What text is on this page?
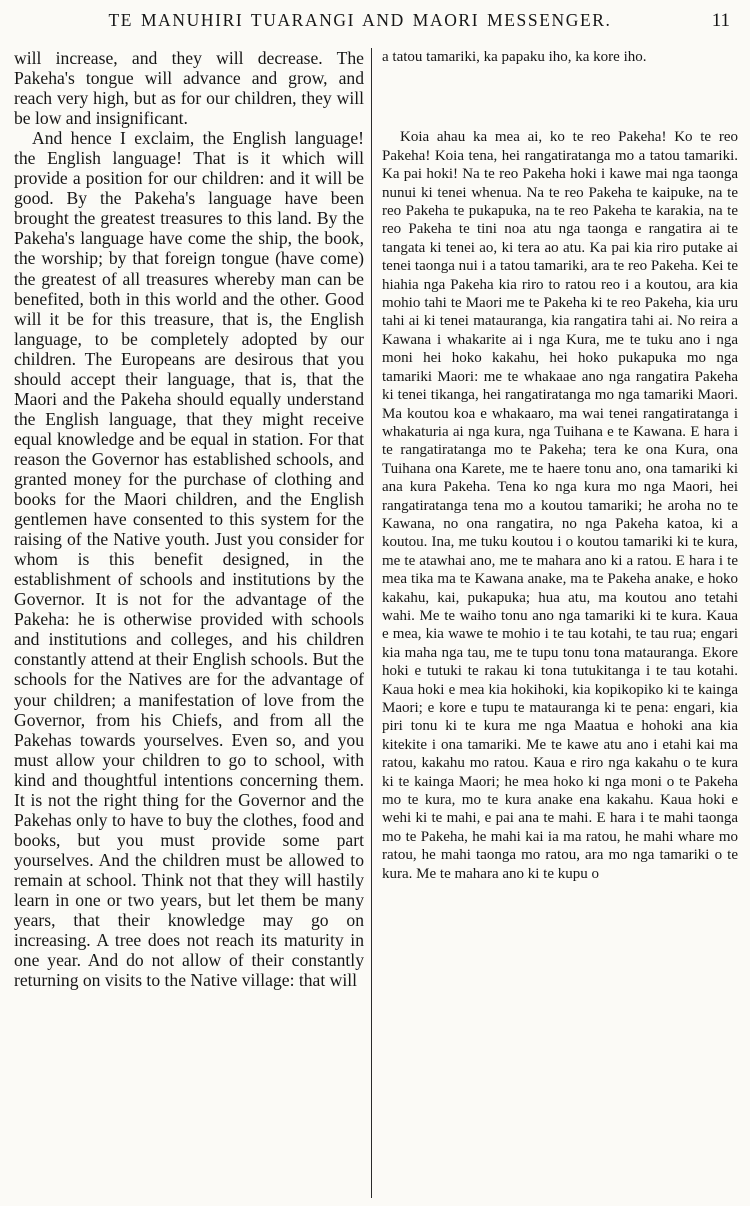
TE MANUHIRI TUARANGI AND MAORI MESSENGER.	11

will increase, and they will decrease. The Pakeha's tongue will advance and grow, and reach very high, but as for our children, they will be low and insignificant.

And hence I exclaim, the English language! the English language! That is it which will provide a position for our children: and it will be good. By the Pakeha's language have been brought the greatest treasures to this land. By the Pakeha's language have come the ship, the book, the worship; by that foreign tongue (have come) the greatest of all treasures whereby man can be benefited, both in this world and the other. Good will it be for this treasure, that is, the English language, to be completely adopted by our children. The Europeans are desirous that you should accept their language, that is, that the Maori and the Pakeha should equally understand the English language, that they might receive equal knowledge and be equal in station. For that reason the Governor has established schools, and granted money for the purchase of clothing and books for the Maori children, and the English gentlemen have consented to this system for the raising of the Native youth. Just you consider for whom is this benefit designed, in the establishment of schools and institutions by the Governor. It is not for the advantage of the Pakeha: he is otherwise provided with schools and institutions and colleges, and his children constantly attend at their English schools. But the schools for the Natives are for the advantage of your children; a manifestation of love from the Governor, from his Chiefs, and from all the Pakehas towards yourselves. Even so, and you must allow your children to go to school, with kind and thoughtful intentions concerning them. It is not the right thing for the Governor and the Pakehas only to have to buy the clothes, food and books, but you must provide some part yourselves. And the children must be allowed to remain at school. Think not that they will hastily learn in one or two years, but let them be many years, that their knowledge may go on increasing. A tree does not reach its maturity in one year. And do not allow of their constantly returning on visits to the Native village: that will

a tatou tamariki, ka papaku iho, ka kore iho.

Koia ahau ka mea ai, ko te reo Pakeha! Ko te reo Pakeha! Koia tena, hei rangatiratanga mo a tatou tamariki. Ka pai hoki! Na te reo Pakeha hoki i kawe mai nga taonga nunui ki tenei whenua. Na te reo Pakeha te kaipuke, na te reo Pakeha te pukapuka, na te reo Pakeha te karakia, na te reo Pakeha te tini noa atu nga taonga e rangatira ai te tangata ki tenei ao, ki tera ao atu. Ka pai kia riro putake ai tenei taonga nui i a tatou tamariki, ara te reo Pakeha. Kei te hiahia nga Pakeha kia riro to ratou reo i a koutou, ara kia mohio tahi te Maori me te Pakeha ki te reo Pakeha, kia uru tahi ai ki tenei matauranga, kia rangatira tahi ai. No reira a Kawana i whakarite ai i nga Kura, me te tuku ano i nga moni hei hoko kakahu, hei hoko pukapuka mo nga tamariki Maori: me te whakaae ano nga rangatira Pakeha ki tenei tikanga, hei rangatiratanga mo nga tamariki Maori. Ma koutou koa e whakaaro, ma wai tenei rangatiratanga i whakaturia ai nga kura, nga Tuihana e te Kawana. E hara i te rangatiratanga mo te Pakeha; tera ke ona Kura, ona Tuihana ona Karete, me te haere tonu ano, ona tamariki ki ana kura Pakeha. Tena ko nga kura mo nga Maori, hei rangatiratanga tena mo a koutou tamariki; he aroha no te Kawana, no ona rangatira, no nga Pakeha katoa, ki a koutou. Ina, me tuku koutou i o koutou tamariki ki te kura, me te atawhai ano, me te mahara ano ki a ratou. E hara i te mea tika ma te Kawana anake, ma te Pakeha anake, e hoko kakahu, kai, pukapuka; hua atu, ma koutou ano tetahi wahi. Me te waiho tonu ano nga tamariki ki te kura. Kaua e mea, kia wawe te mohio i te tau kotahi, te tau rua; engari kia maha nga tau, me te tupu tonu tona matauranga. Ekore hoki e tutuki te rakau ki tona tutukitanga i te tau kotahi. Kaua hoki e mea kia hokihoki, kia kopikopiko ki te kainga Maori; e kore e tupu te matauranga ki te pena: engari, kia piri tonu ki te kura me nga Maatua e hohoki ana kia kitekite i ona tamariki. Me te kawe atu ano i etahi kai ma ratou, kakahu mo ratou. Kaua e riro nga kakahu o te kura ki te kainga Maori; he mea hoko ki nga moni o te Pakeha mo te kura, mo te kura anake ena kakahu. Kaua hoki e wehi ki te mahi, e pai ana te mahi. E hara i te mahi taonga mo te Pakeha, he mahi kai ia ma ratou, he mahi whare mo ratou, he mahi taonga mo ratou, ara mo nga tamariki o te kura. Me te mahara ano ki te kupu o
